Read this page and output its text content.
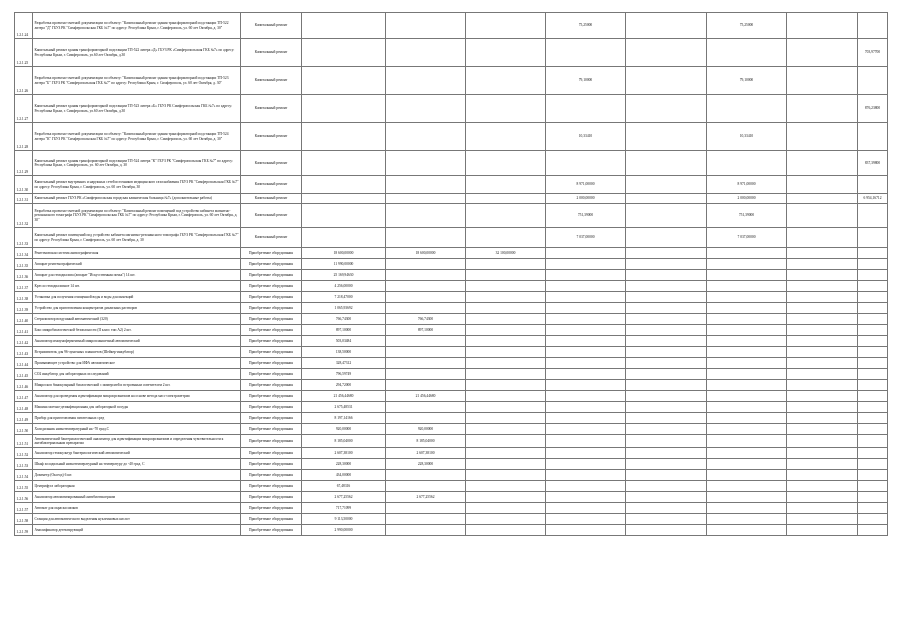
1.2.1.24	Разработка проектно-сметной документации по объекту: "Капитальный ремонт здания трансформаторной подстанции ТП-522 литера "Д" ГБУЗ РК "Симферопольская ГКБ №7" по адресу: Республика Крым, г. Симферополь, ул. 60 лет Октября, д. 30"	Капитальный ремонт				75,25000		75,25000			
1.2.1.25	Капитальный ремонт здания трансформаторной подстанции ТП-522 литера «Д» ГБУЗ РК «Симферопольская ГКБ №7» по адресу: Республика Крым, г. Симферополь, ул.60 лет Октября, д.30	Капитальный ремонт								703,97700	
1.2.1.26	Разработка проектно-сметной документации по объекту: "Капитальный ремонт здания трансформаторной подстанции ТП-523 литера "Б" ГБУЗ РК "Симферопольская ГКБ №7" по адресу: Республика Крым, г. Симферополь, ул. 60 лет Октября, д. 30"	Капитальный ремонт				79,10000		79,10000			
1.2.1.27	Капитальный ремонт здания трансформаторной подстанции ТП-523 литера «Б» ГБУЗ РК Симферопольская ГКБ №7» по адресу: Республика Крым, г. Симферополь, ул.60 лет Октября, д.30	Капитальный ремонт								876,23800	
1.2.1.28	Разработка проектно-сметной документации по объекту: "Капитальный ремонт здания трансформаторной подстанции ТП-524 литера "К" ГБУЗ РК "Симферопольская ГКБ №7" по адресу: Республика Крым, г. Симферополь, ул. 60 лет Октября, д. 30"	Капитальный ремонт				10,33410		10,33410			
1.2.1.29	Капитальный ремонт здания трансформаторной подстанции ТП-524 литера "К" ГБУЗ РК "Симферопольская ГКБ №7" по адресу: Республика Крым, г. Симферополь, ул. 60 лет Октября, д. 30	Капитальный ремонт								837,39800	
1.2.1.30	Капитальный ремонт внутренних и наружных сетей источников медицинского газоснабжения ГБУЗ РК "Симферопольская ГКБ №7" по адресу: Республика Крым, г. Симферополь, ул. 60 лет Октября, 30	Капитальный ремонт				8 971,00000		8 971,00000			
1.2.1.31	Капитальный ремонт ГБУЗ РК «Симферопольская городская клиническая больница №7» (дополнительные работы)	Капитальный ремонт				2 000,00000		2 000,00000		6 954,16712	
1.2.1.32	Разработка проектно-сметной документации по объекту: "Капитальный ремонт помещений под устройство кабинета магнитно-резонансного томографа ГБУЗ РК "Симферопольская ГКБ №7" по адресу: Республика Крым, г. Симферополь, ул. 60 лет Октября, д. 30"	Капитальный ремонт				751,39000		751,39000			
1.2.1.33	Капитальный ремонт помещений под устройство кабинета магнитно-резонансного томографа ГБУЗ РК "Симферопольская ГКБ №7" по адресу: Республика Крым, г. Симферополь, ул. 60 лет Октября, д. 30	Капитальный ремонт				7 037,00000		7 037,00000			
1.2.1.34	Рентгеновская система ангиографическая	Приобретение оборудования	18 600,00000	18 600,00000	32 100,00000						
1.2.1.35	Аппарат рентгенографический	Приобретение оборудования	11 990,00000								
1.2.1.36	Аппарат для гемодиализа (аппарат "Искусственная почка") 14 шт.	Приобретение оборудования	25 169,94630								
1.2.1.37	Кресло гемодиализное 14 шт.	Приобретение оборудования	4 256,00000								
1.2.1.38	Установка для получения очищенной воды и воды для инъекций	Приобретение оборудования	7 218,47000								
1.2.1.39	Устройство для приготовления концентратов диализных растворов	Приобретение оборудования	1 065,93692								
1.2.1.40	Стерилизатор воздушный автоматический (320)	Приобретение оборудования	766,74300	766,74300							
1.2.1.41	Бокс микробиологической безопасности (II класс тип А2) 2 шт.	Приобретение оборудования	897,10000	897,10000							
1.2.1.42	Анализатор иммуноферментный микропланшетный автоматический	Приобретение оборудования	503,03484								
1.2.1.43	Встряхиватель для 96-луночных планшетов (Шейкер-инкубатор)	Приобретение оборудования	138,50000								
1.2.1.44	Промывающее устройство для ИФА автоматическое	Приобретение оборудования	328,47312								
1.2.1.45	СО2 инкубатор для лабораторных исследований	Приобретение оборудования	796,59749								
1.2.1.46	Микроскоп бинокулярный биологический с иммерсией и встроенным осветителем 2 шт.	Приобретение оборудования	294,72000								
1.2.1.47	Анализатор для проведения идентификации микроорганизмов на основе метода масс-спектрометрии	Приобретение оборудования	21 456,44680	21 456,44680							
1.2.1.48	Машина моечно-дезинфекционная для лабораторной посуды	Приобретение оборудования	2 675,48531								
1.2.1.49	Прибор для приготовления питательных сред	Приобретение оборудования	8 197,14166								
1.2.1.50	Холодильник низкотемпературный на -70 град.С	Приобретение оборудования	920,00000	920,00000							
1.2.1.51	Автоматический бактериологический анализатор для идентификации микроорганизмов и определения чувствительности к антибактериальным препаратам	Приобретение оборудования	8 185,04000	8 185,04000							
1.2.1.52	Анализатор гемокультур бактериологический автоматический	Приобретение оборудования	2 607,38100	2 607,38100							
1.2.1.53	Шкаф холодильный низкотемпературный на температуру до -40 град. С	Приобретение оборудования	228,30000	228,30000							
1.2.1.54	Дозиметр (Оксеод) 6 шт.	Приобретение оборудования	434,00000								
1.2.1.55	Центрифуга лабораторная	Приобретение оборудования	67,48316								
1.2.1.56	Анализатор автоматизированный антибиотикограмм	Приобретение оборудования	2 677,25562	2 677,25562							
1.2.1.57	Автомат для окраски мазков	Приобретение оборудования	717,71099								
1.2.1.58	Станция для автоматического выделения нуклеиновых кислот	Приобретение оборудования	9 113,50000								
1.2.1.59	Амплификатор детектирующий	Приобретение оборудования	2 990,00000								
